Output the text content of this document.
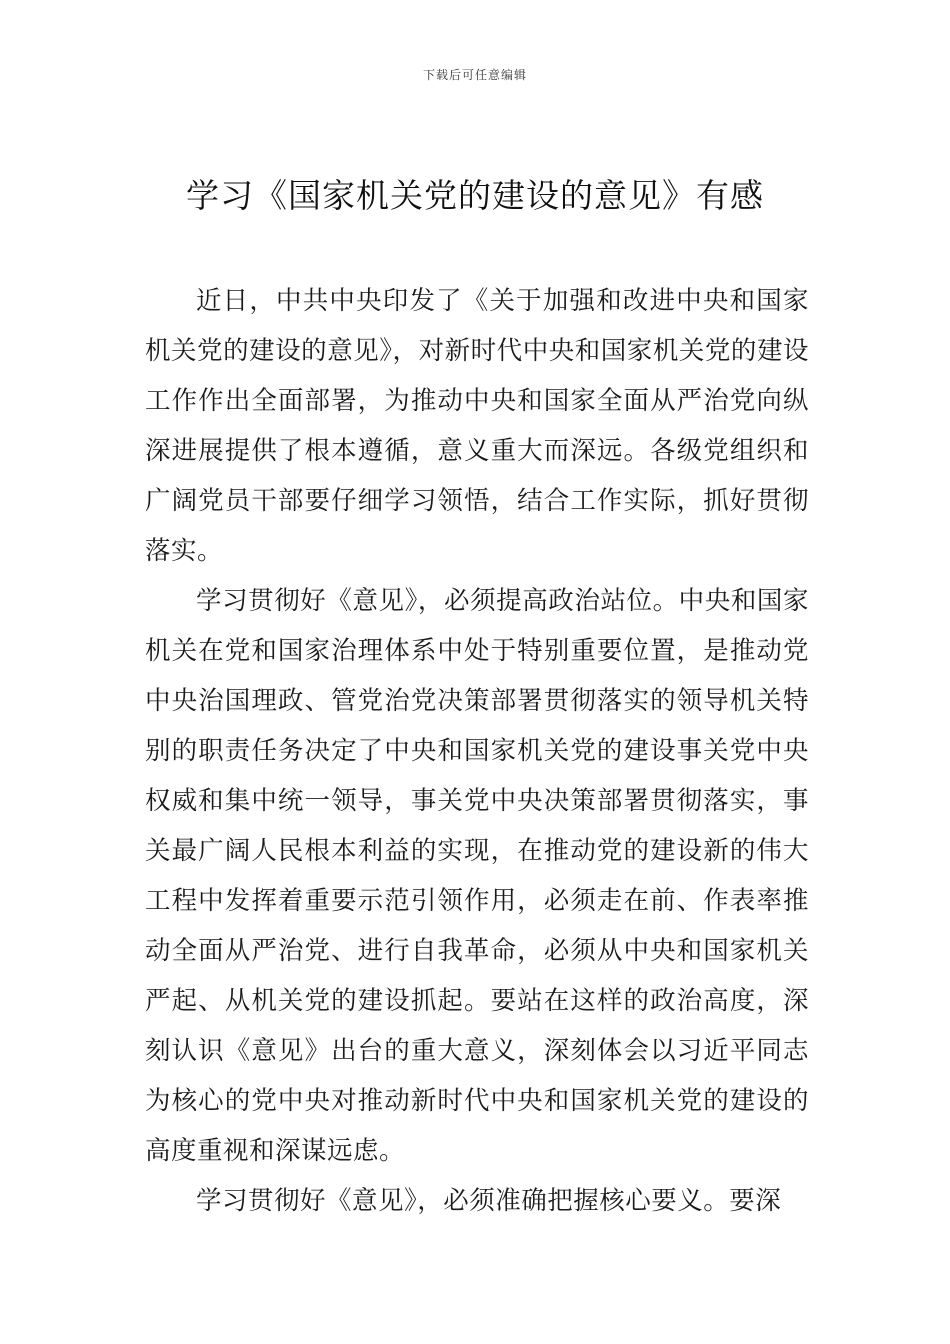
下载后可任意编辑
学习《国家机关党的建设的意见》有感

近日，中共中央印发了《关于加强和改进中央和国家机关党的建设的意见》，对新时代中央和国家机关党的建设工作作出全面部署，为推动中央和国家全面从严治党向纵深进展提供了根本遵循，意义重大而深远。各级党组织和广阔党员干部要仔细学习领悟，结合工作实际，抓好贯彻落实。

学习贯彻好《意见》，必须提高政治站位。中央和国家机关在党和国家治理体系中处于特别重要位置，是推动党中央治国理政、管党治党决策部署贯彻落实的领导机关特别的职责任务决定了中央和国家机关党的建设事关党中央权威和集中统一领导，事关党中央决策部署贯彻落实，事关最广阔人民根本利益的实现，在推动党的建设新的伟大工程中发挥着重要示范引领作用，必须走在前、作表率推动全面从严治党、进行自我革命，必须从中央和国家机关严起、从机关党的建设抓起。要站在这样的政治高度，深刻认识《意见》出台的重大意义，深刻体会以习近平同志为核心的党中央对推动新时代中央和国家机关党的建设的高度重视和深谋远虑。

学习贯彻好《意见》，必须准确把握核心要义。要深
